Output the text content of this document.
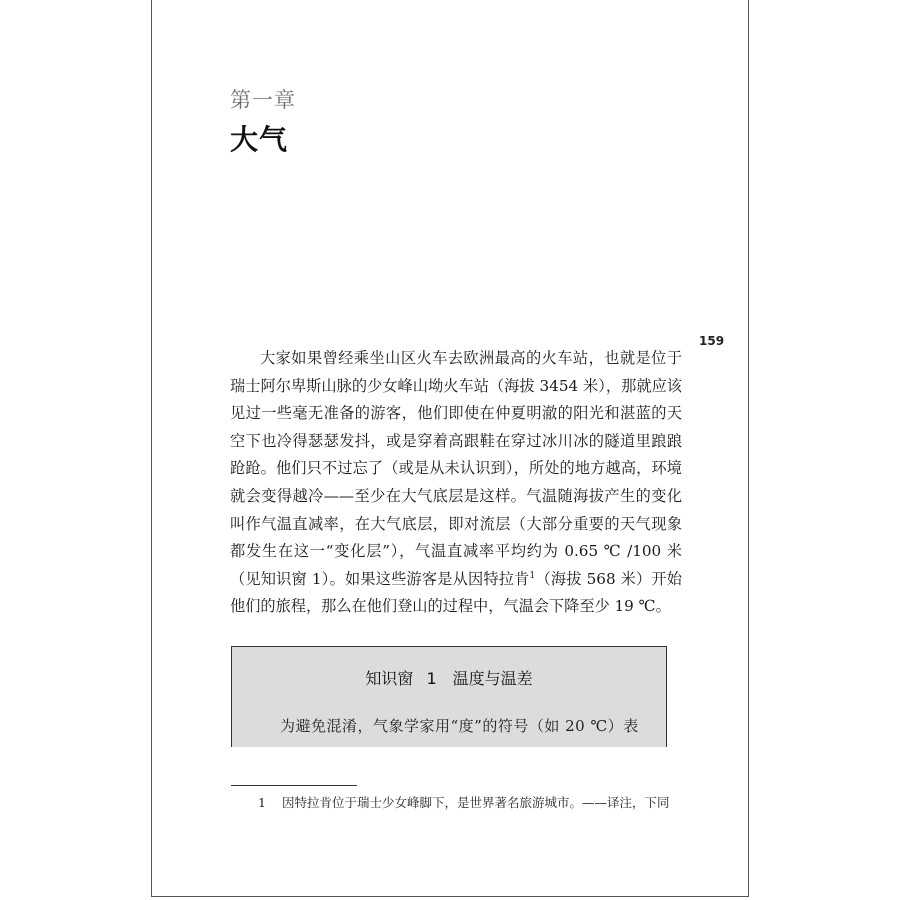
第一章
大气
159

大家如果曾经乘坐山区火车去欧洲最高的火车站，也就是位于瑞士阿尔卑斯山脉的少女峰山坳火车站（海拔 3454 米），那就应该见过一些毫无准备的游客，他们即使在仲夏明澈的阳光和湛蓝的天空下也冷得瑟瑟发抖，或是穿着高跟鞋在穿过冰川冰的隧道里踉踉跄跄。他们只不过忘了（或是从未认识到），所处的地方越高，环境就会变得越冷——至少在大气底层是这样。气温随海拔产生的变化叫作气温直减率，在大气底层，即对流层（大部分重要的天气现象都发生在这一“变化层”），气温直减率平均约为 0.65 ℃ /100 米（见知识窗 1）。如果这些游客是从因特拉肯$^1$（海拔 568 米）开始他们的旅程，那么在他们登山的过程中，气温会下降至少 19 ℃。

知识窗 1　温度与温差
为避免混淆，气象学家用“度”的符号（如 20 ℃）表
1 因特拉肯位于瑞士少女峰脚下，是世界著名旅游城市。——译注，下同
